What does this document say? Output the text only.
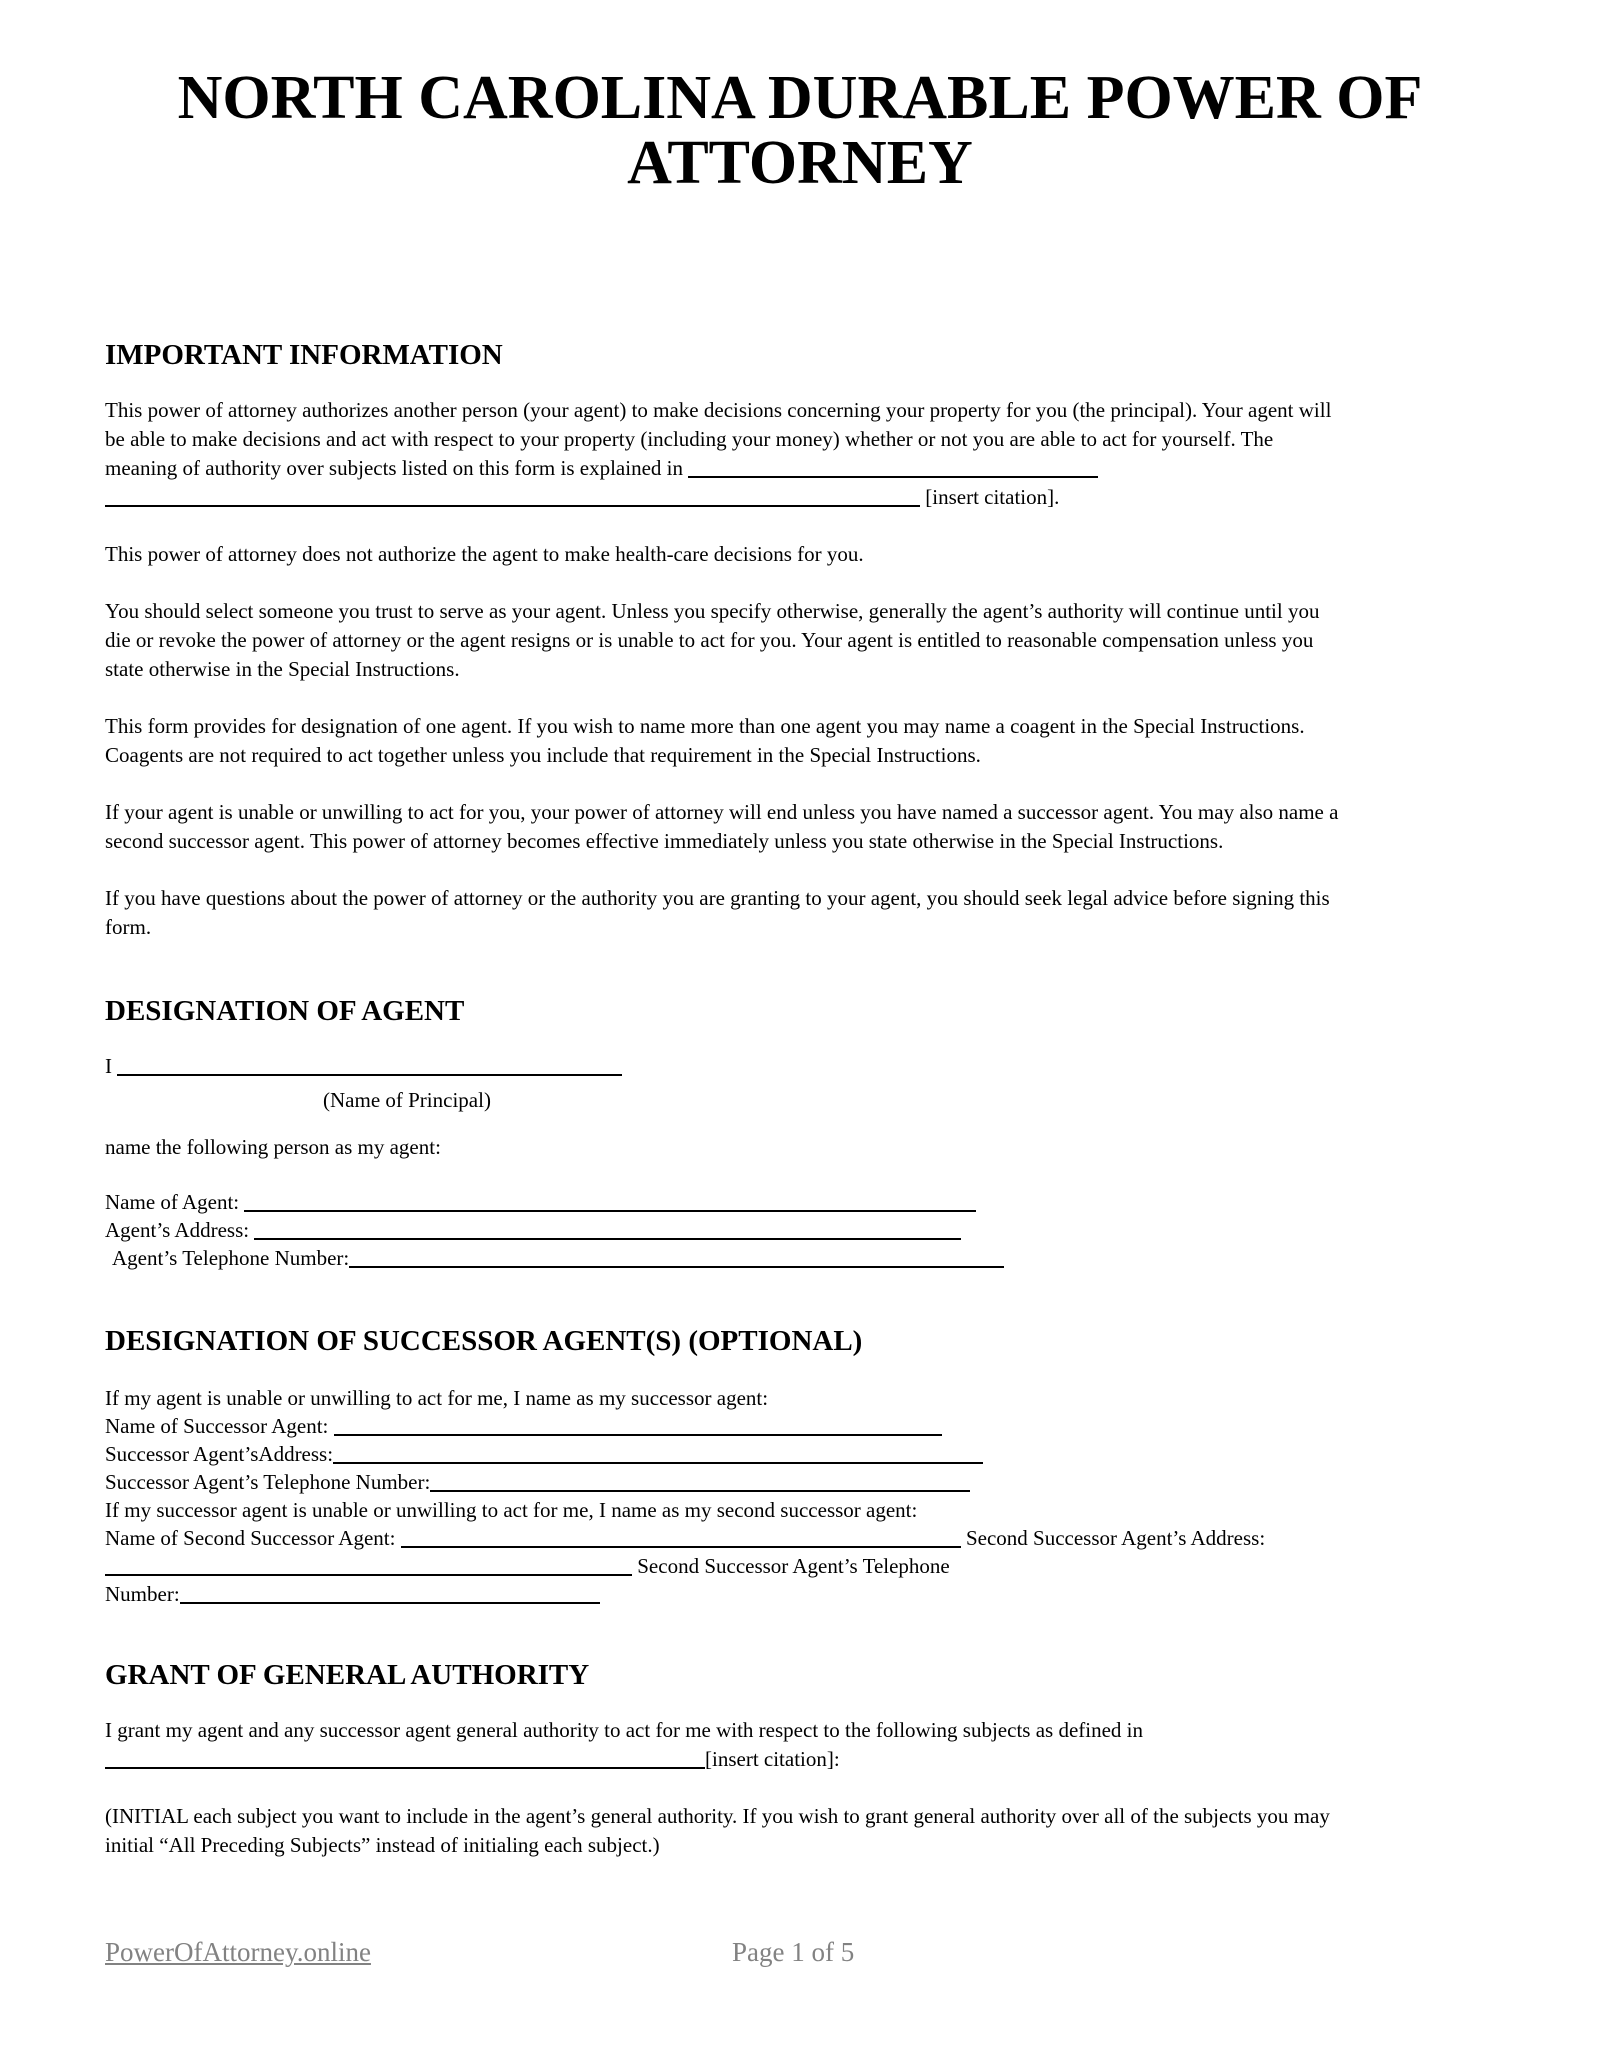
NORTH CAROLINA DURABLE POWER OF
ATTORNEY
IMPORTANT INFORMATION
This power of attorney authorizes another person (your agent) to make decisions concerning your property for you (the principal). Your agent will
be able to make decisions and act with respect to your property (including your money) whether or not you are able to act for yourself. The
meaning of authority over subjects listed on this form is explained in
[insert citation].
This power of attorney does not authorize the agent to make health-care decisions for you.
You should select someone you trust to serve as your agent. Unless you specify otherwise, generally the agent’s authority will continue until you
die or revoke the power of attorney or the agent resigns or is unable to act for you. Your agent is entitled to reasonable compensation unless you
state otherwise in the Special Instructions.
This form provides for designation of one agent. If you wish to name more than one agent you may name a coagent in the Special Instructions.
Coagents are not required to act together unless you include that requirement in the Special Instructions.
If your agent is unable or unwilling to act for you, your power of attorney will end unless you have named a successor agent. You may also name a
second successor agent. This power of attorney becomes effective immediately unless you state otherwise in the Special Instructions.
If you have questions about the power of attorney or the authority you are granting to your agent, you should seek legal advice before signing this
form.
DESIGNATION OF AGENT
I
(Name of Principal)
name the following person as my agent:
Name of Agent:
Agent’s Address:
Agent’s Telephone Number:
DESIGNATION OF SUCCESSOR AGENT(S) (OPTIONAL)
If my agent is unable or unwilling to act for me, I name as my successor agent:
Name of Successor Agent:
Successor Agent’sAddress:
Successor Agent’s Telephone Number:
If my successor agent is unable or unwilling to act for me, I name as my second successor agent:
Name of Second Successor Agent:	Second Successor Agent’s Address:
Second Successor Agent’s Telephone
Number:
GRANT OF GENERAL AUTHORITY
I grant my agent and any successor agent general authority to act for me with respect to the following subjects as defined in
[insert citation]:
(INITIAL each subject you want to include in the agent’s general authority. If you wish to grant general authority over all of the subjects you may
initial “All Preceding Subjects” instead of initialing each subject.)
PowerOfAttorney.online	Page 1 of 5
